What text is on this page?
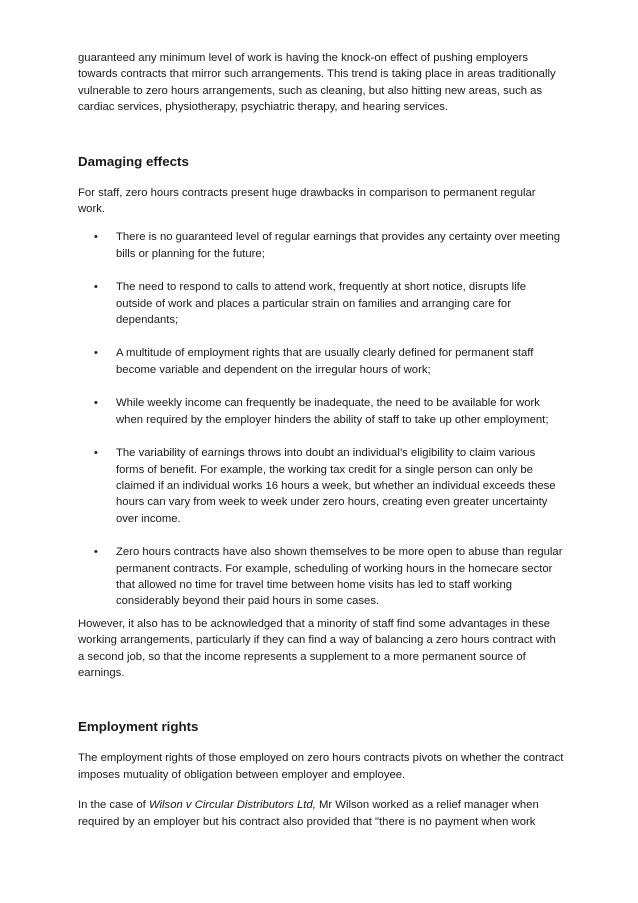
guaranteed any minimum level of work is having the knock-on effect of pushing employers towards contracts that mirror such arrangements. This trend is taking place in areas traditionally vulnerable to zero hours arrangements, such as cleaning, but also hitting new areas, such as cardiac services, physiotherapy, psychiatric therapy, and hearing services.

Damaging effects

For staff, zero hours contracts present huge drawbacks in comparison to permanent regular work.

• There is no guaranteed level of regular earnings that provides any certainty over meeting bills or planning for the future;
• The need to respond to calls to attend work, frequently at short notice, disrupts life outside of work and places a particular strain on families and arranging care for dependants;
• A multitude of employment rights that are usually clearly defined for permanent staff become variable and dependent on the irregular hours of work;
• While weekly income can frequently be inadequate, the need to be available for work when required by the employer hinders the ability of staff to take up other employment;
• The variability of earnings throws into doubt an individual’s eligibility to claim various forms of benefit. For example, the working tax credit for a single person can only be claimed if an individual works 16 hours a week, but whether an individual exceeds these hours can vary from week to week under zero hours, creating even greater uncertainty over income.
• Zero hours contracts have also shown themselves to be more open to abuse than regular permanent contracts. For example, scheduling of working hours in the homecare sector that allowed no time for travel time between home visits has led to staff working considerably beyond their paid hours in some cases.

However, it also has to be acknowledged that a minority of staff find some advantages in these working arrangements, particularly if they can find a way of balancing a zero hours contract with a second job, so that the income represents a supplement to a more permanent source of earnings.

Employment rights

The employment rights of those employed on zero hours contracts pivots on whether the contract imposes mutuality of obligation between employer and employee.

In the case of Wilson v Circular Distributors Ltd, Mr Wilson worked as a relief manager when required by an employer but his contract also provided that "there is no payment when work
